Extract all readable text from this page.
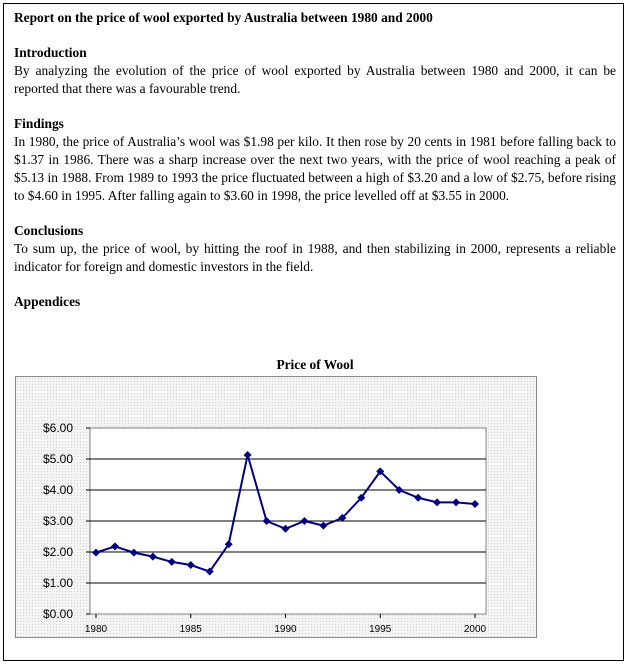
Report on the price of wool exported by Australia between 1980 and 2000

Introduction

By analyzing the evolution of the price of wool exported by Australia between 1980 and 2000, it can be reported that there was a favourable trend.

Findings

In 1980, the price of Australia’s wool was $1.98 per kilo. It then rose by 20 cents in 1981 before falling back to $1.37 in 1986. There was a sharp increase over the next two years, with the price of wool reaching a peak of $5.13 in 1988. From 1989 to 1993 the price fluctuated between a high of $3.20 and a low of $2.75, before rising to $4.60 in 1995. After falling again to $3.60 in 1998, the price levelled off at $3.55 in 2000.

Conclusions

To sum up, the price of wool, by hitting the roof in 1988, and then stabilizing in 2000, represents a reliable indicator for foreign and domestic investors in the field.

Appendices

Price of Wool
$0.00
$1.00
$2.00
$3.00
$4.00
$5.00
$6.00
1980	1985	1990	1995	2000
